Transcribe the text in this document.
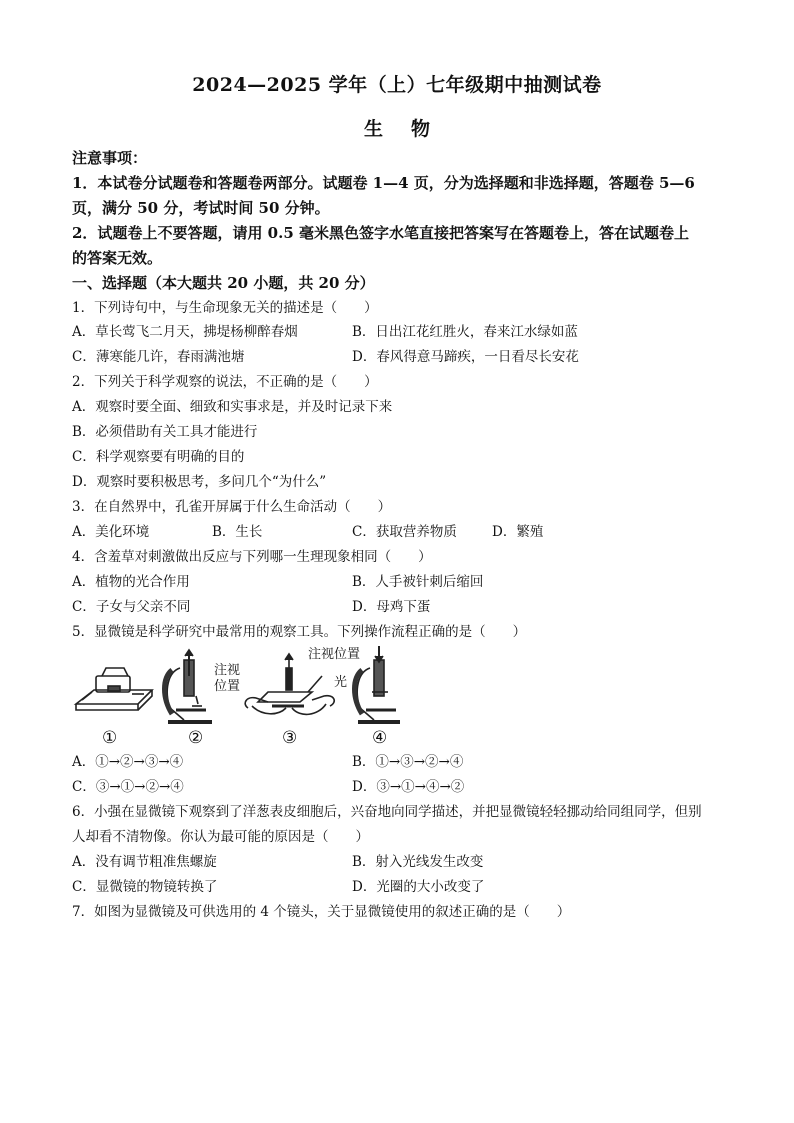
2024—2025 学年（上）七年级期中抽测试卷
生物
注意事项：
1．本试卷分试题卷和答题卷两部分。试题卷 1—4 页，分为选择题和非选择题，答题卷 5—6
页，满分 50 分，考试时间 50 分钟。
2．试题卷上不要答题，请用 0.5 毫米黑色签字水笔直接把答案写在答题卷上，答在试题卷上
的答案无效。
一、选择题（本大题共 20 小题，共 20 分）
1．下列诗句中，与生命现象无关的描述是（　　）
A．草长莺飞二月天，拂堤杨柳醉春烟	B．日出江花红胜火，春来江水绿如蓝
C．薄寒能几许，春雨满池塘	D．春风得意马蹄疾，一日看尽长安花
2．下列关于科学观察的说法，不正确的是（　　）
A．观察时要全面、细致和实事求是，并及时记录下来
B．必须借助有关工具才能进行
C．科学观察要有明确的目的
D．观察时要积极思考，多问几个“为什么”
3．在自然界中，孔雀开屏属于什么生命活动（　　）
A．美化环境	B．生长	C．获取营养物质	D．繁殖
4．含羞草对刺激做出反应与下列哪一生理现象相同（　　）
A．植物的光合作用	B．人手被针刺后缩回
C．子女与父亲不同	D．母鸡下蛋
5．显微镜是科学研究中最常用的观察工具。下列操作流程正确的是（　　）
注视
位置
注视位置
光
①	②	③	④
A．①→②→③→④	B．①→③→②→④
C．③→①→②→④	D．③→①→④→②
6．小强在显微镜下观察到了洋葱表皮细胞后，兴奋地向同学描述，并把显微镜轻轻挪动给同组同学，但别
人却看不清物像。你认为最可能的原因是（　　）
A．没有调节粗准焦螺旋	B．射入光线发生改变
C．显微镜的物镜转换了	D．光圈的大小改变了
7．如图为显微镜及可供选用的 4 个镜头，关于显微镜使用的叙述正确的是（　　）
